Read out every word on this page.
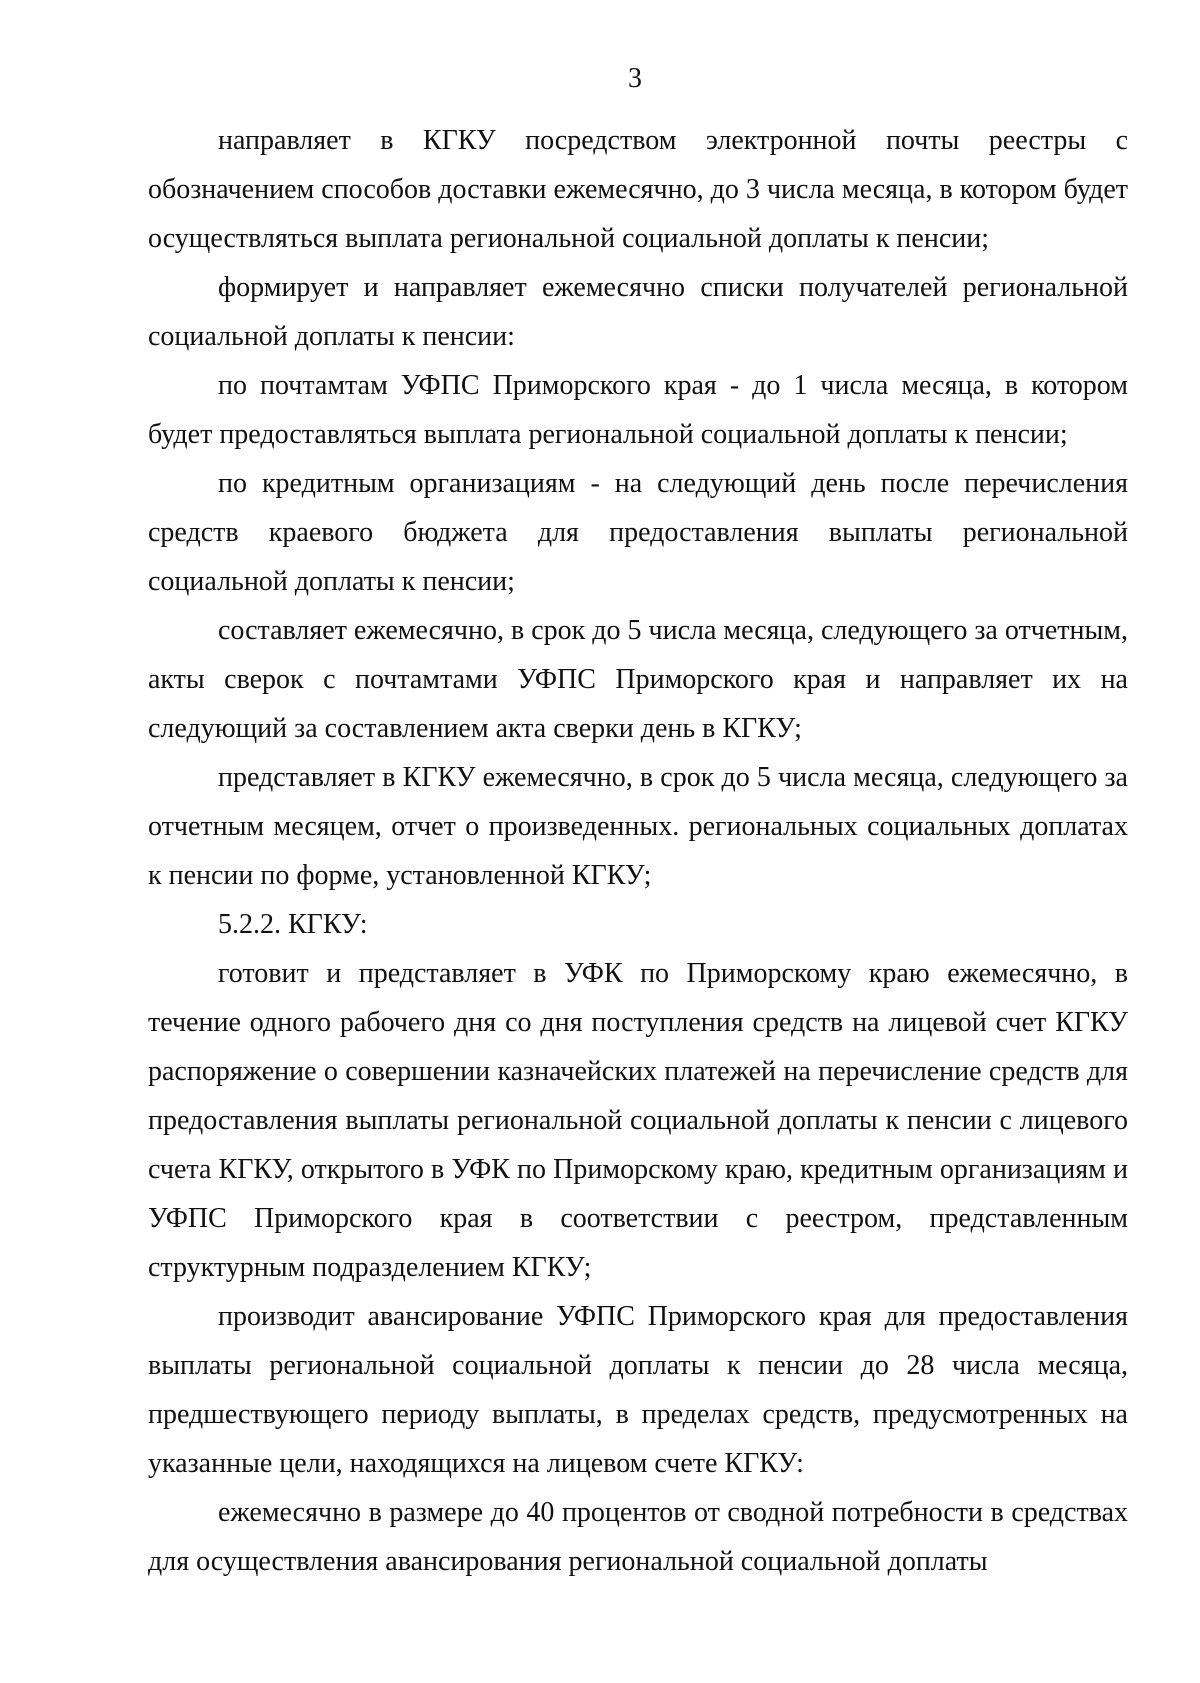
3

направляет в КГКУ посредством электронной почты реестры с обозначением способов доставки ежемесячно, до 3 числа месяца, в котором будет осуществляться выплата региональной социальной доплаты к пенсии;

формирует и направляет ежемесячно списки получателей региональной социальной доплаты к пенсии:

по почтамтам УФПС Приморского края - до 1 числа месяца, в котором будет предоставляться выплата региональной социальной доплаты к пенсии;

по кредитным организациям - на следующий день после перечисления средств краевого бюджета для предоставления выплаты региональной социальной доплаты к пенсии;

составляет ежемесячно, в срок до 5 числа месяца, следующего за отчетным, акты сверок с почтамтами УФПС Приморского края и направляет их на следующий за составлением акта сверки день в КГКУ;

представляет в КГКУ ежемесячно, в срок до 5 числа месяца, следующего за отчетным месяцем, отчет о произведенных. региональных социальных доплатах к пенсии по форме, установленной КГКУ;

5.2.2. КГКУ:

готовит и представляет в УФК по Приморскому краю ежемесячно, в течение одного рабочего дня со дня поступления средств на лицевой счет КГКУ распоряжение о совершении казначейских платежей на перечисление средств для предоставления выплаты региональной социальной доплаты к пенсии с лицевого счета КГКУ, открытого в УФК по Приморскому краю, кредитным организациям и УФПС Приморского края в соответствии с реестром, представленным структурным подразделением КГКУ;

производит авансирование УФПС Приморского края для предоставления выплаты региональной социальной доплаты к пенсии до 28 числа месяца, предшествующего периоду выплаты, в пределах средств, предусмотренных на указанные цели, находящихся на лицевом счете КГКУ:

ежемесячно в размере до 40 процентов от сводной потребности в средствах для осуществления авансирования региональной социальной доплаты
